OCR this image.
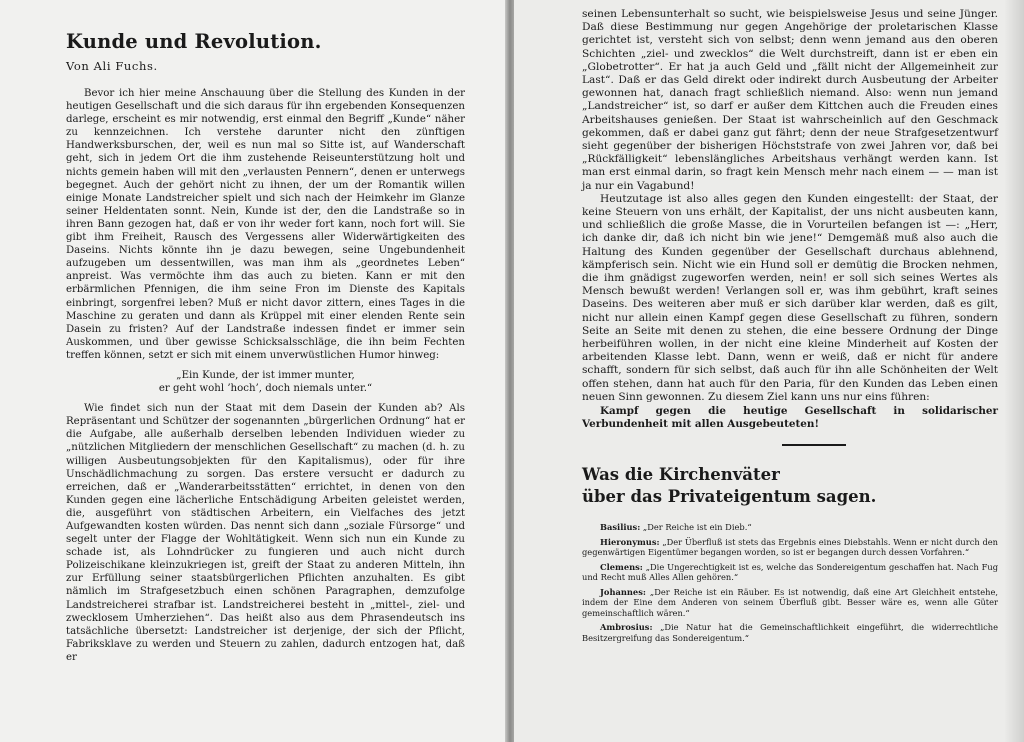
Kunde und Revolution.
Von Ali Fuchs.

Bevor ich hier meine Anschauung über die Stellung des Kunden in der heutigen Gesellschaft und die sich daraus für ihn ergebenden Konsequenzen darlege, erscheint es mir notwendig, erst einmal den Begriff „Kunde“ näher zu kennzeichnen. Ich verstehe darunter nicht den zünftigen Handwerksburschen, der, weil es nun mal so Sitte ist, auf Wanderschaft geht, sich in jedem Ort die ihm zustehende Reiseunterstützung holt und nichts gemein haben will mit den „verlausten Pennern“, denen er unterwegs begegnet. Auch der gehört nicht zu ihnen, der um der Romantik willen einige Monate Landstreicher spielt und sich nach der Heimkehr im Glanze seiner Heldentaten sonnt. Nein, Kunde ist der, den die Landstraße so in ihren Bann gezogen hat, daß er von ihr weder fort kann, noch fort will. Sie gibt ihm Freiheit, Rausch des Vergessens aller Widerwärtigkeiten des Daseins. Nichts könnte ihn je dazu bewegen, seine Ungebundenheit aufzugeben um dessentwillen, was man ihm als „geordnetes Leben“ anpreist. Was vermöchte ihm das auch zu bieten. Kann er mit den erbärmlichen Pfennigen, die ihm seine Fron im Dienste des Kapitals einbringt, sorgenfrei leben? Muß er nicht davor zittern, eines Tages in die Maschine zu geraten und dann als Krüppel mit einer elenden Rente sein Dasein zu fristen? Auf der Landstraße indessen findet er immer sein Auskommen, und über gewisse Schicksalsschläge, die ihn beim Fechten treffen können, setzt er sich mit einem unverwüstlichen Humor hinweg:

„Ein Kunde, der ist immer munter,
er geht wohl ’hoch’, doch niemals unter.“

Wie findet sich nun der Staat mit dem Dasein der Kunden ab? Als Repräsentant und Schützer der sogenannten „bürgerlichen Ordnung“ hat er die Aufgabe, alle außerhalb derselben lebenden Individuen wieder zu „nützlichen Mitgliedern der menschlichen Gesellschaft“ zu machen (d. h. zu willigen Ausbeutungsobjekten für den Kapitalismus), oder für ihre Unschädlichmachung zu sorgen. Das erstere versucht er dadurch zu erreichen, daß er „Wanderarbeitsstätten“ errichtet, in denen von den Kunden gegen eine lächerliche Entschädigung Arbeiten geleistet werden, die, ausgeführt von städtischen Arbeitern, ein Vielfaches des jetzt Aufgewandten kosten würden. Das nennt sich dann „soziale Fürsorge“ und segelt unter der Flagge der Wohltätigkeit. Wenn sich nun ein Kunde zu schade ist, als Lohndrücker zu fungieren und auch nicht durch Polizeischikane kleinzukriegen ist, greift der Staat zu anderen Mitteln, ihn zur Erfüllung seiner staatsbürgerlichen Pflichten anzuhalten. Es gibt nämlich im Strafgesetzbuch einen schönen Paragraphen, demzufolge Landstreicherei strafbar ist. Landstreicherei besteht in „mittel-, ziel- und zwecklosem Umherziehen“. Das heißt also aus dem Phrasendeutsch ins tatsächliche übersetzt: Landstreicher ist derjenige, der sich der Pflicht, Fabriksklave zu werden und Steuern zu zahlen, dadurch entzogen hat, daß er

seinen Lebensunterhalt so sucht, wie beispielsweise Jesus und seine Jünger. Daß diese Bestimmung nur gegen Angehörige der proletarischen Klasse gerichtet ist, versteht sich von selbst; denn wenn jemand aus den oberen Schichten „ziel- und zwecklos“ die Welt durchstreift, dann ist er eben ein „Globetrotter“. Er hat ja auch Geld und „fällt nicht der Allgemeinheit zur Last“. Daß er das Geld direkt oder indirekt durch Ausbeutung der Arbeiter gewonnen hat, danach fragt schließlich niemand. Also: wenn nun jemand „Landstreicher“ ist, so darf er außer dem Kittchen auch die Freuden eines Arbeitshauses genießen. Der Staat ist wahrscheinlich auf den Geschmack gekommen, daß er dabei ganz gut fährt; denn der neue Strafgesetzentwurf sieht gegenüber der bisherigen Höchststrafe von zwei Jahren vor, daß bei „Rückfälligkeit“ lebenslängliches Arbeitshaus verhängt werden kann. Ist man erst einmal darin, so fragt kein Mensch mehr nach einem — — man ist ja nur ein Vagabund!

Heutzutage ist also alles gegen den Kunden eingestellt: der Staat, der keine Steuern von uns erhält, der Kapitalist, der uns nicht ausbeuten kann, und schließlich die große Masse, die in Vorurteilen befangen ist —: „Herr, ich danke dir, daß ich nicht bin wie jene!“ Demgemäß muß also auch die Haltung des Kunden gegenüber der Gesellschaft durchaus ablehnend, kämpferisch sein. Nicht wie ein Hund soll er demütig die Brocken nehmen, die ihm gnädigst zugeworfen werden, nein! er soll sich seines Wertes als Mensch bewußt werden! Verlangen soll er, was ihm gebührt, kraft seines Daseins. Des weiteren aber muß er sich darüber klar werden, daß es gilt, nicht nur allein einen Kampf gegen diese Gesellschaft zu führen, sondern Seite an Seite mit denen zu stehen, die eine bessere Ordnung der Dinge herbeiführen wollen, in der nicht eine kleine Minderheit auf Kosten der arbeitenden Klasse lebt. Dann, wenn er weiß, daß er nicht für andere schafft, sondern für sich selbst, daß auch für ihn alle Schönheiten der Welt offen stehen, dann hat auch für den Paria, für den Kunden das Leben einen neuen Sinn gewonnen. Zu diesem Ziel kann uns nur eins führen:

Kampf gegen die heutige Gesellschaft in solidarischer Verbundenheit mit allen Ausgebeuteten!

Was die Kirchenväter
über das Privateigentum sagen.

Basilius: „Der Reiche ist ein Dieb.“

Hieronymus: „Der Überfluß ist stets das Ergebnis eines Diebstahls. Wenn er nicht durch den gegenwärtigen Eigentümer begangen worden, so ist er begangen durch dessen Vorfahren.“

Clemens: „Die Ungerechtigkeit ist es, welche das Sondereigentum geschaffen hat. Nach Fug und Recht muß Alles Allen gehören.“

Johannes: „Der Reiche ist ein Räuber. Es ist notwendig, daß eine Art Gleichheit entstehe, indem der Eine dem Anderen von seinem Überfluß gibt. Besser wäre es, wenn alle Güter gemeinschaftlich wären.“

Ambrosius: „Die Natur hat die Gemeinschaftlichkeit eingeführt, die widerrechtliche Besitzergreifung das Sondereigentum.“
